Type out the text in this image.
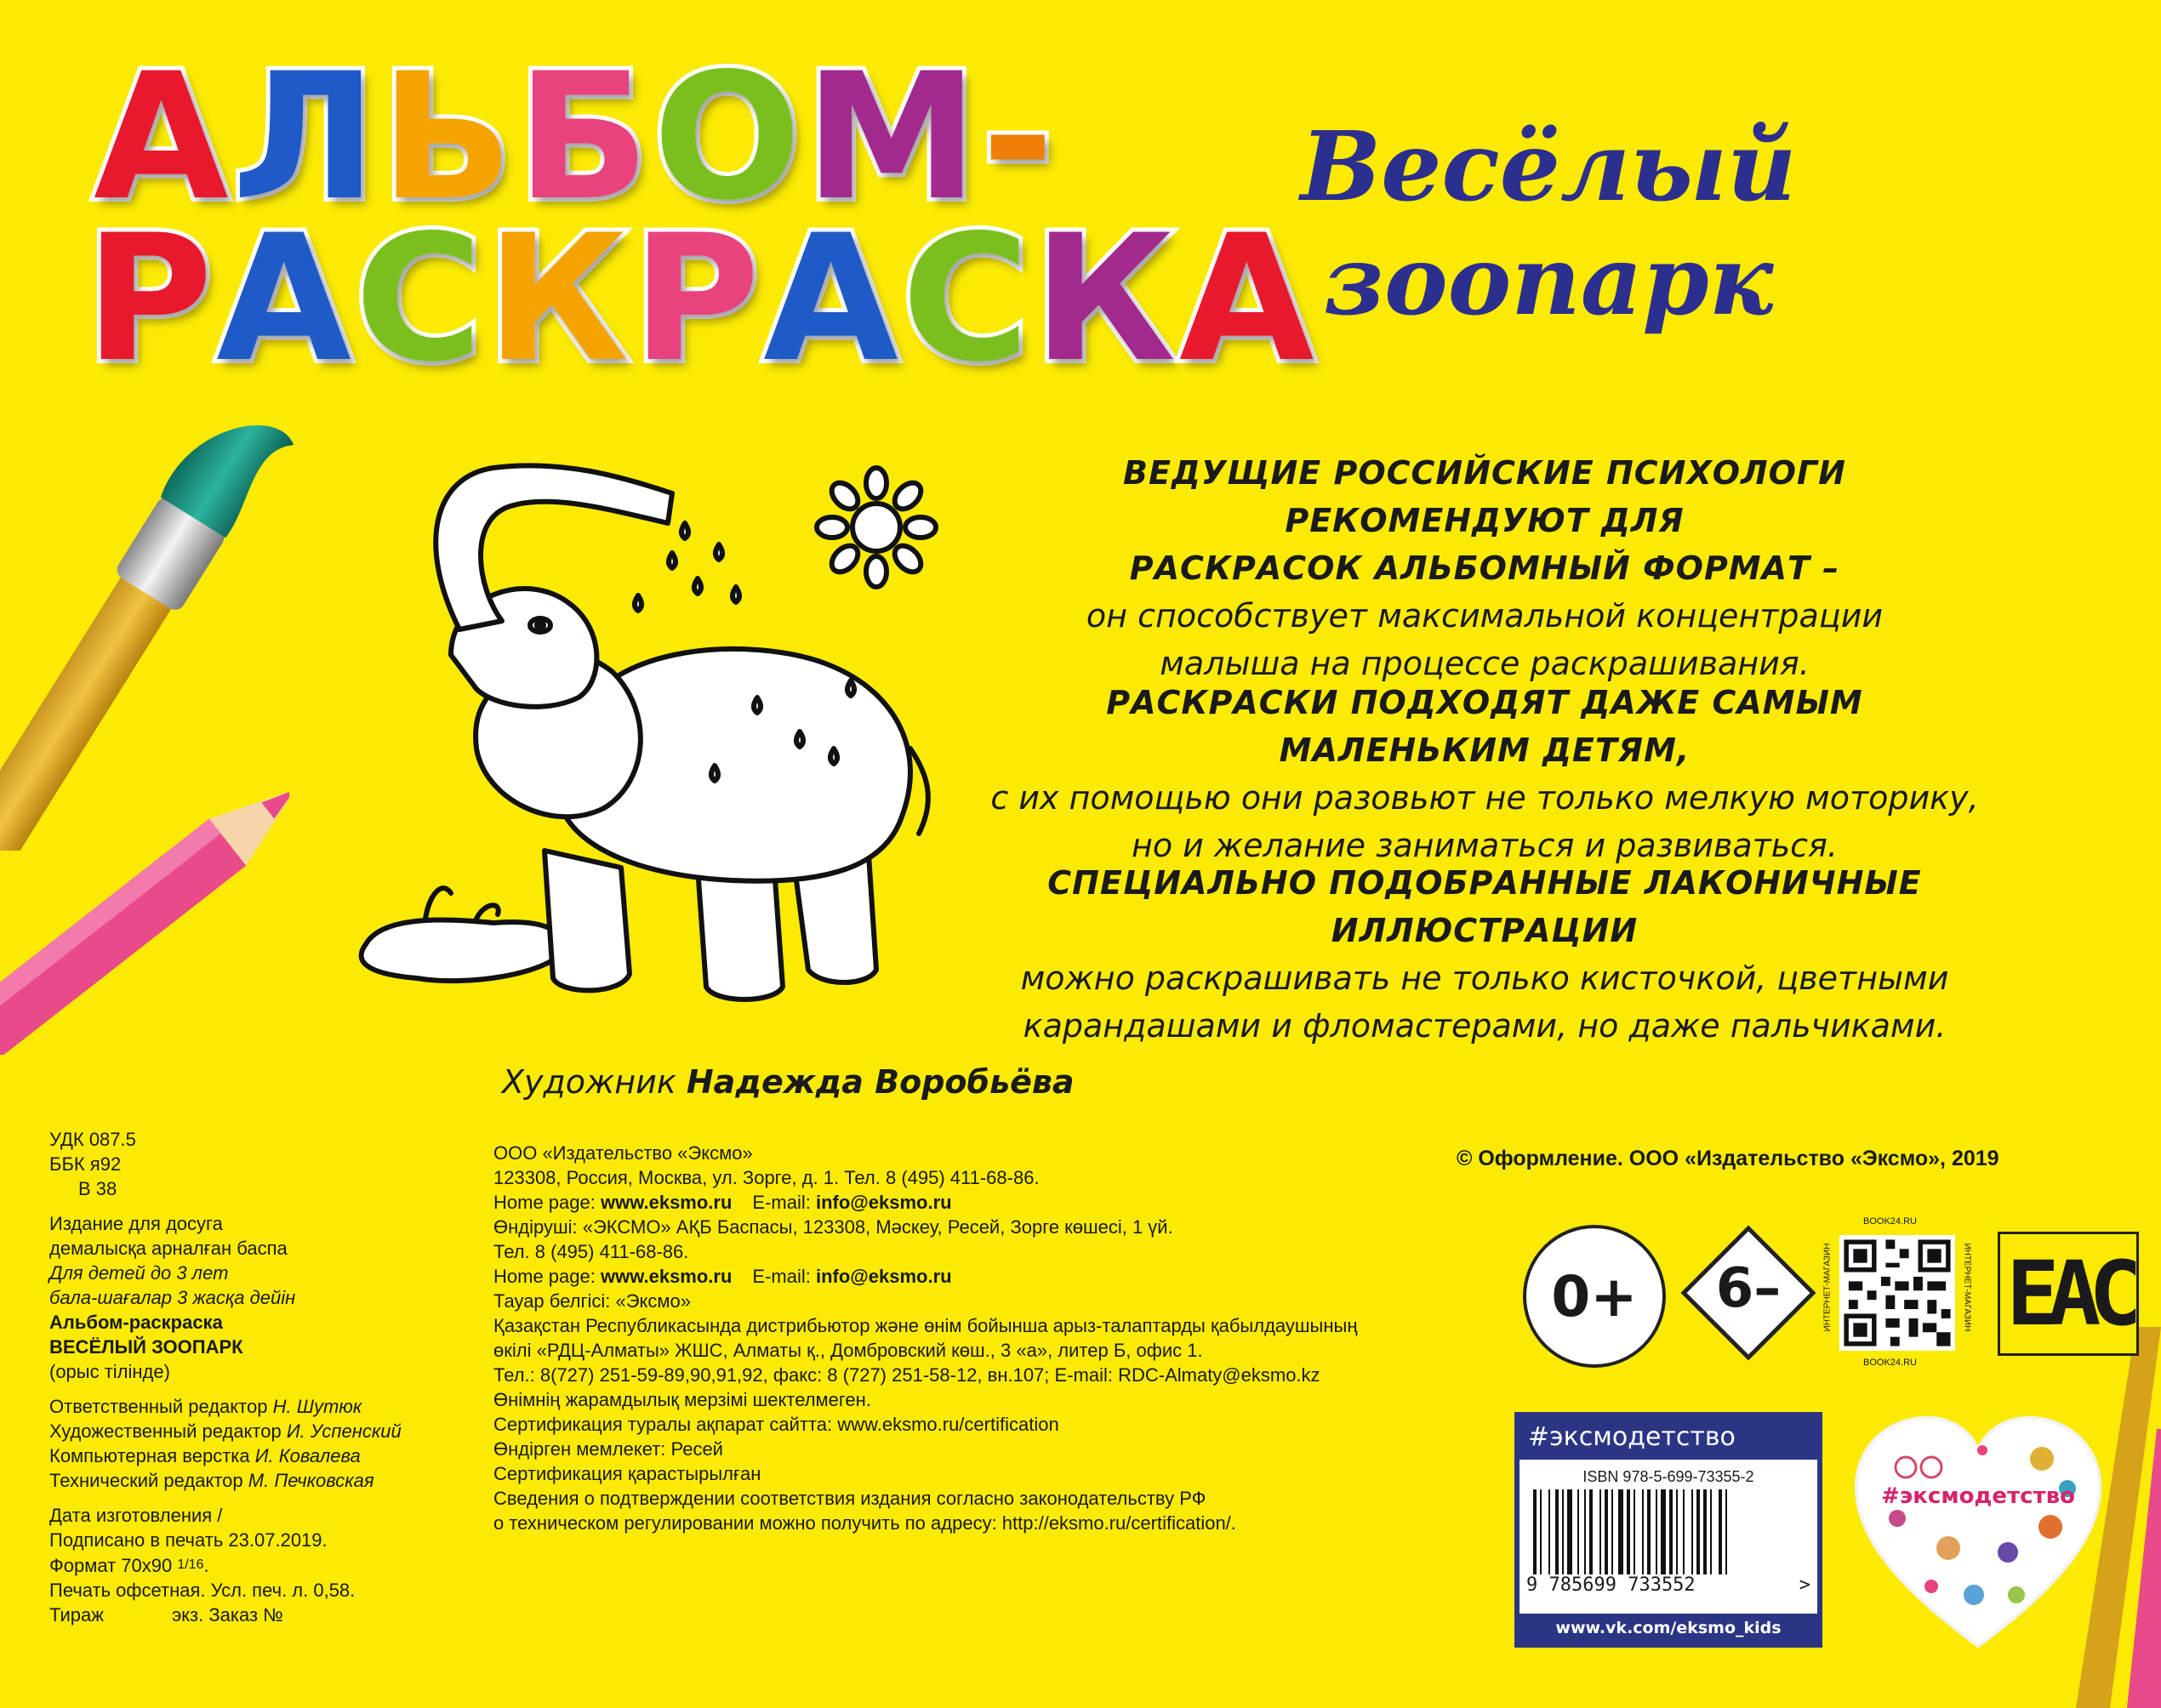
А Л Ь Б О М -
Р А С К Р А С К А
Весёлый
зоопарк
ВЕДУЩИЕ РОССИЙСКИЕ ПСИХОЛОГИ РЕКОМЕНДУЮТ ДЛЯ
РАСКРАСОК АЛЬБОМНЫЙ ФОРМАТ –
он способствует максимальной концентрации
малыша на процессе раскрашивания.
РАСКРАСКИ ПОДХОДЯТ ДАЖЕ САМЫМ МАЛЕНЬКИМ ДЕТЯМ,
с их помощью они разовьют не только мелкую моторику,
но и желание заниматься и развиваться.
СПЕЦИАЛЬНО ПОДОБРАННЫЕ ЛАКОНИЧНЫЕ ИЛЛЮСТРАЦИИ
можно раскрашивать не только кисточкой, цветными
карандашами и фломастерами, но даже пальчиками.
Художник Надежда Воробьёва
УДК 087.5
ББК я92
В 38
Издание для досуга
демалысқа арналған баспа
Для детей до 3 лет
бала-шағалар 3 жасқа дейін
Альбом-раскраска
ВЕСЁЛЫЙ ЗООПАРК
(орыс тілінде)
Ответственный редактор Н. Шутюк
Художественный редактор И. Успенский
Компьютерная верстка И. Ковалева
Технический редактор М. Печковская
Дата изготовления /
Подписано в печать 23.07.2019.
Формат 70х90 1/16.
Печать офсетная. Усл. печ. л. 0,58.
Тираж	экз. Заказ №
ООО «Издательство «Эксмо»
123308, Россия, Москва, ул. Зорге, д. 1. Тел. 8 (495) 411-68-86.
Home page: www.eksmo.ru E-mail: info@eksmo.ru
Өндіруші: «ЭКСМО» АҚБ Баспасы, 123308, Мәскеу, Ресей, Зорге көшесі, 1 үй.
Тел. 8 (495) 411-68-86.
Home page: www.eksmo.ru E-mail: info@eksmo.ru
Тауар белгісі: «Эксмо»
Қазақстан Республикасында дистрибьютор және өнім бойынша арыз-талаптарды қабылдаушының
өкілі «РДЦ-Алматы» ЖШС, Алматы қ., Домбровский көш., 3 «а», литер Б, офис 1.
Тел.: 8(727) 251-59-89,90,91,92, факс: 8 (727) 251-58-12, вн.107; E-mail: RDC-Almaty@eksmo.kz
Өнімнің жарамдылық мерзімі шектелмеген.
Сертификация туралы ақпарат сайтта: www.eksmo.ru/certification
Өндірген мемлекет: Ресей
Сертификация қарастырылған
Сведения о подтверждении соответствия издания согласно законодательству РФ
о техническом регулировании можно получить по адресу: http://eksmo.ru/certification/.
© Оформление. ООО «Издательство «Эксмо», 2019
0+	6–
BOOK24.RU
BOOK24.RU
ИНТЕРНЕТ-МАГАЗИН	ИНТЕРНЕТ-МАГАЗИН EAC
#эксмодетство
ISBN 978-5-699-73355-2
9 785699 733552	>
www.vk.com/eksmo_kids
#эксмодетство
